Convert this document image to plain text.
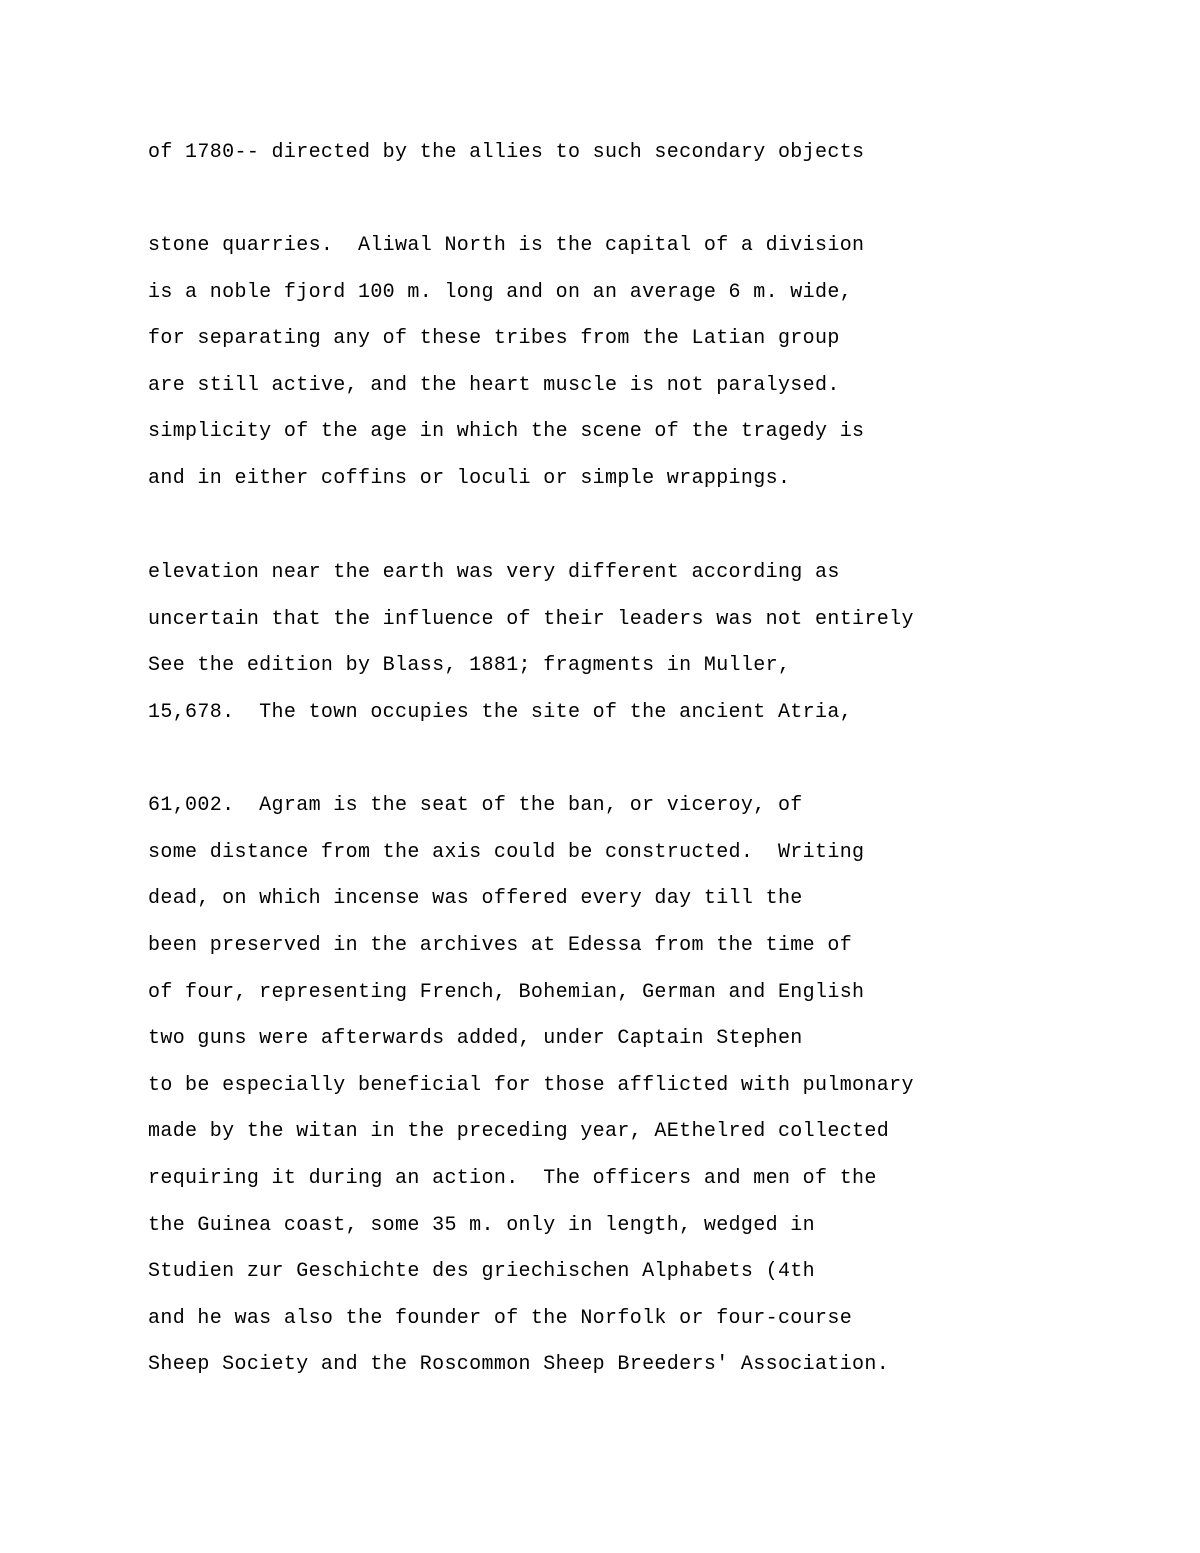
of 1780-- directed by the allies to such secondary objects
stone quarries.  Aliwal North is the capital of a division
is a noble fjord 100 m. long and on an average 6 m. wide,
for separating any of these tribes from the Latian group
are still active, and the heart muscle is not paralysed.
simplicity of the age in which the scene of the tragedy is
and in either coffins or loculi or simple wrappings.
elevation near the earth was very different according as
uncertain that the influence of their leaders was not entirely
See the edition by Blass, 1881; fragments in Muller,
15,678.  The town occupies the site of the ancient Atria,
61,002.  Agram is the seat of the ban, or viceroy, of
some distance from the axis could be constructed.  Writing
dead, on which incense was offered every day till the
been preserved in the archives at Edessa from the time of
of four, representing French, Bohemian, German and English
two guns were afterwards added, under Captain Stephen
to be especially beneficial for those afflicted with pulmonary
made by the witan in the preceding year, AEthelred collected
requiring it during an action.  The officers and men of the
the Guinea coast, some 35 m. only in length, wedged in
Studien zur Geschichte des griechischen Alphabets (4th
and he was also the founder of the Norfolk or four-course
Sheep Society and the Roscommon Sheep Breeders' Association.
